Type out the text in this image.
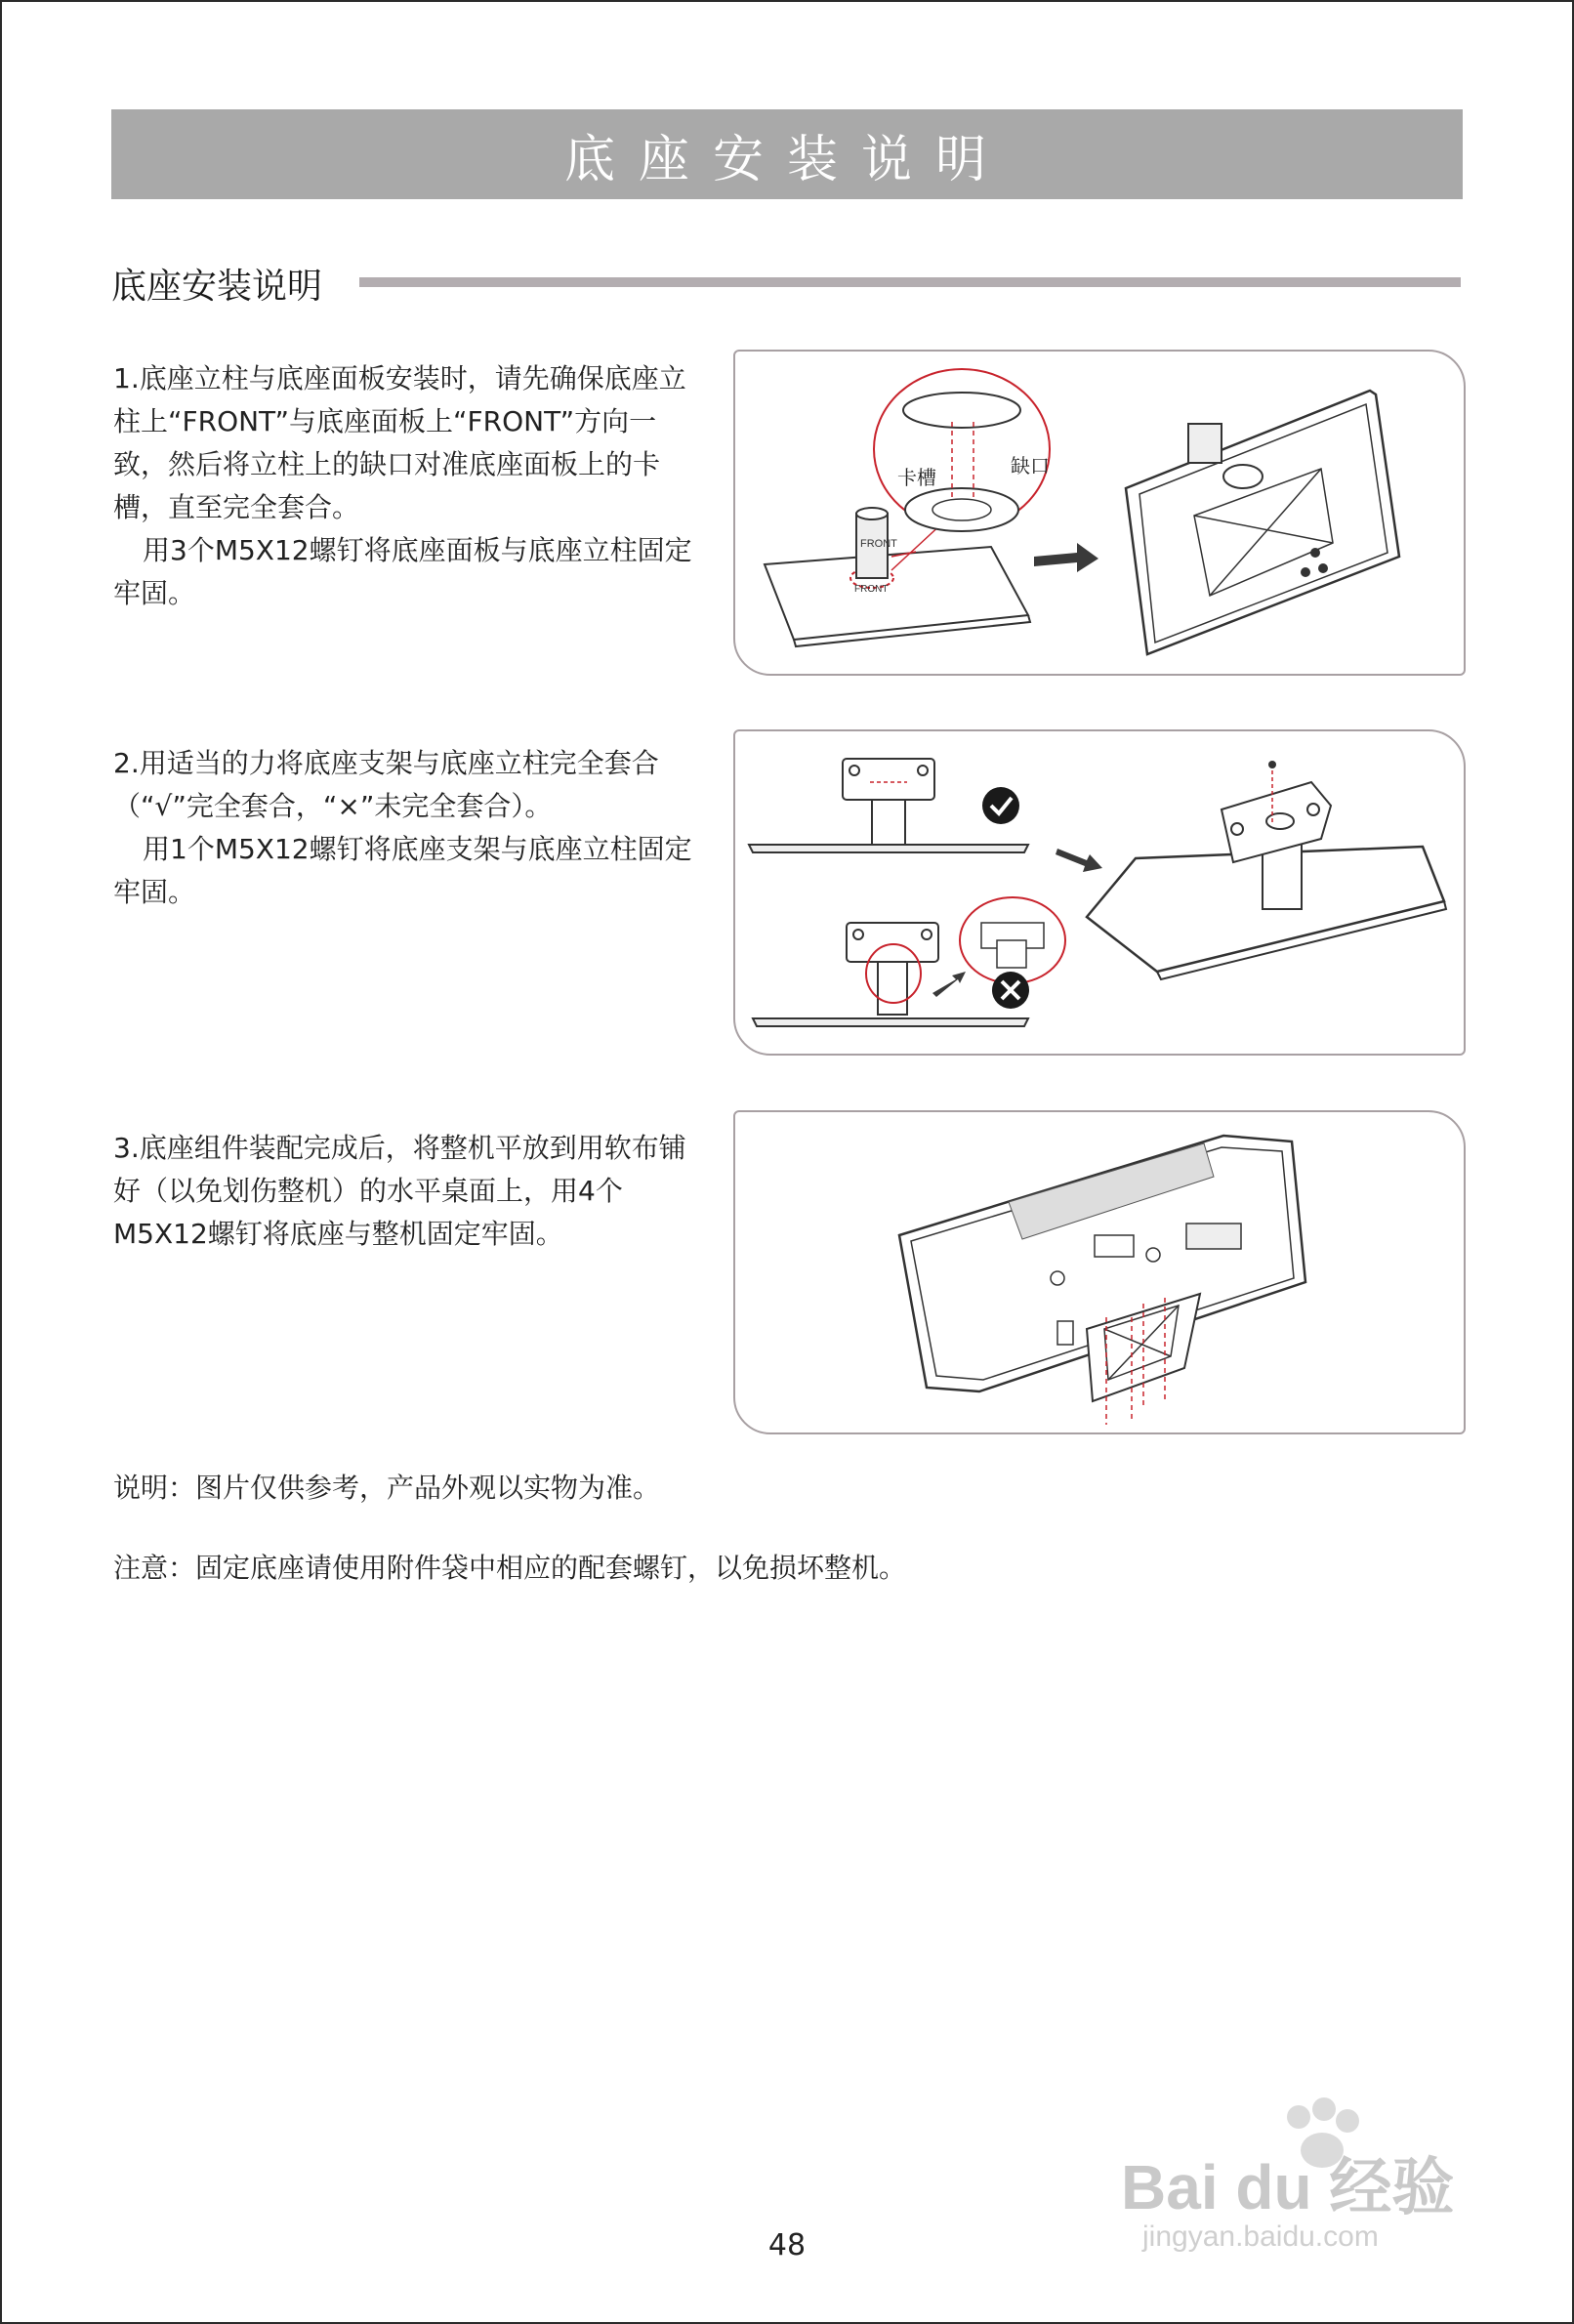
底座安装说明
底座安装说明

1.底座立柱与底座面板安装时，请先确保底座立柱上“FRONT”与底座面板上“FRONT”方向一致，然后将立柱上的缺口对准底座面板上的卡槽，直至完全套合。

用3个M5X12螺钉将底座面板与底座立柱固定牢固。

FRONT
FRONT
卡槽	缺口

2.用适当的力将底座支架与底座立柱完全套合（“√”完全套合，“×”未完全套合）。

用1个M5X12螺钉将底座支架与底座立柱固定牢固。

3.底座组件装配完成后，将整机平放到用软布铺好（以免划伤整机）的水平桌面上，用4个M5X12螺钉将底座与整机固定牢固。

说明：图片仅供参考，产品外观以实物为准。
注意：固定底座请使用附件袋中相应的配套螺钉，以免损坏整机。
48
Bai du 经验
jingyan.baidu.com
